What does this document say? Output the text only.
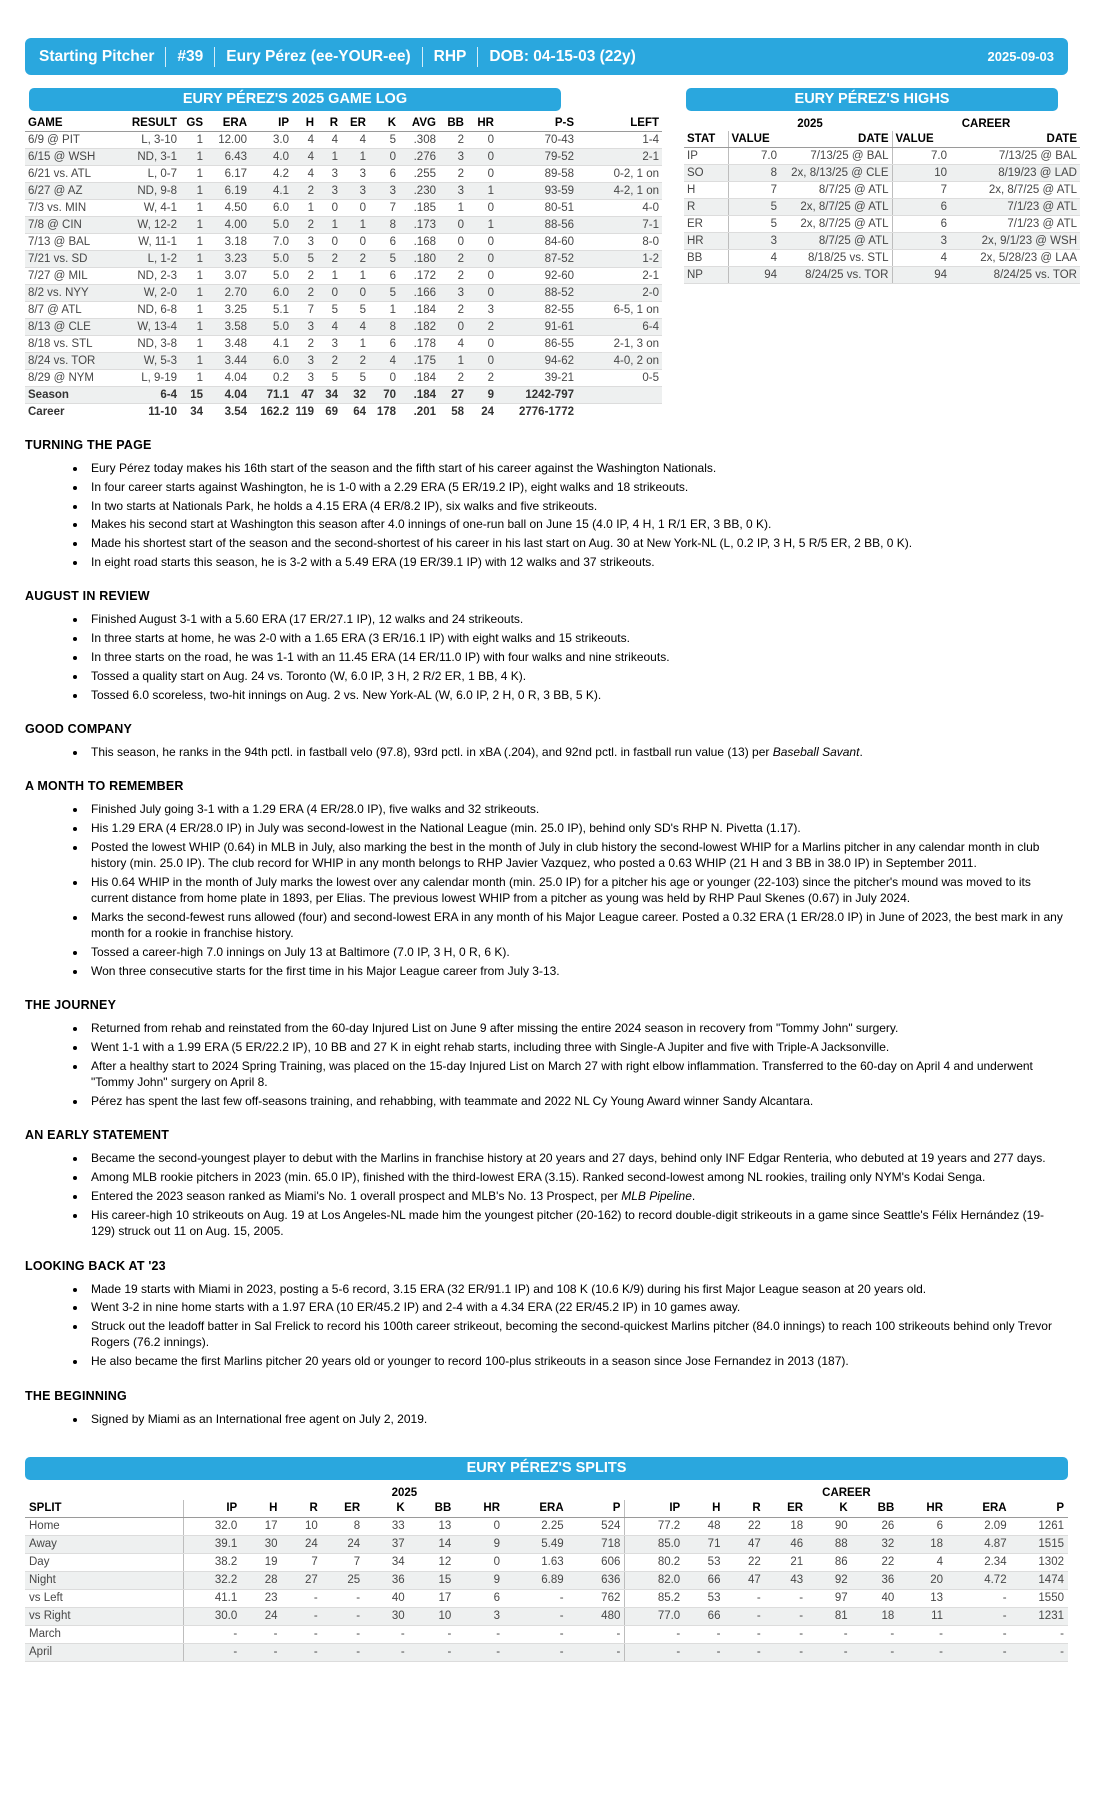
Starting Pitcher #39 Eury Pérez (ee-YOUR-ee) RHP DOB: 04-15-03 (22y)	2025-09-03
EURY PÉREZ'S 2025 GAME LOG
GAME	RESULT	GS	ERA	IP	H	R	ER	K	AVG	BB	HR	P-S	LEFT
6/9 @ PIT	L, 3-10	1	12.00	3.0	4	4	4	5	.308	2	0	70-43	1-4
6/15 @ WSH	ND, 3-1	1	6.43	4.0	4	1	1	0	.276	3	0	79-52	2-1
6/21 vs. ATL	L, 0-7	1	6.17	4.2	4	3	3	6	.255	2	0	89-58	0-2, 1 on
6/27 @ AZ	ND, 9-8	1	6.19	4.1	2	3	3	3	.230	3	1	93-59	4-2, 1 on
7/3 vs. MIN	W, 4-1	1	4.50	6.0	1	0	0	7	.185	1	0	80-51	4-0
7/8 @ CIN	W, 12-2	1	4.00	5.0	2	1	1	8	.173	0	1	88-56	7-1
7/13 @ BAL	W, 11-1	1	3.18	7.0	3	0	0	6	.168	0	0	84-60	8-0
7/21 vs. SD	L, 1-2	1	3.23	5.0	5	2	2	5	.180	2	0	87-52	1-2
7/27 @ MIL	ND, 2-3	1	3.07	5.0	2	1	1	6	.172	2	0	92-60	2-1
8/2 vs. NYY	W, 2-0	1	2.70	6.0	2	0	0	5	.166	3	0	88-52	2-0
8/7 @ ATL	ND, 6-8	1	3.25	5.1	7	5	5	1	.184	2	3	82-55	6-5, 1 on
8/13 @ CLE	W, 13-4	1	3.58	5.0	3	4	4	8	.182	0	2	91-61	6-4
8/18 vs. STL	ND, 3-8	1	3.48	4.1	2	3	1	6	.178	4	0	86-55	2-1, 3 on
8/24 vs. TOR	W, 5-3	1	3.44	6.0	3	2	2	4	.175	1	0	94-62	4-0, 2 on
8/29 @ NYM	L, 9-19	1	4.04	0.2	3	5	5	0	.184	2	2	39-21	0-5
Season	6-4	15	4.04	71.1	47	34	32	70	.184	27	9	1242-797	
Career	11-10	34	3.54	162.2	119	69	64	178	.201	58	24	2776-1772	
EURY PÉREZ'S HIGHS
	2025		CAREER	
STAT	VALUE	DATE	VALUE	DATE
IP	7.0	7/13/25 @ BAL	7.0	7/13/25 @ BAL
SO	8	2x, 8/13/25 @ CLE	10	8/19/23 @ LAD
H	7	8/7/25 @ ATL	7	2x, 8/7/25 @ ATL
R	5	2x, 8/7/25 @ ATL	6	7/1/23 @ ATL
ER	5	2x, 8/7/25 @ ATL	6	7/1/23 @ ATL
HR	3	8/7/25 @ ATL	3	2x, 9/1/23 @ WSH
BB	4	8/18/25 vs. STL	4	2x, 5/28/23 @ LAA
NP	94	8/24/25 vs. TOR	94	8/24/25 vs. TOR
TURNING THE PAGE
• Eury Pérez today makes his 16th start of the season and the fifth start of his career against the Washington Nationals.
• In four career starts against Washington, he is 1-0 with a 2.29 ERA (5 ER/19.2 IP), eight walks and 18 strikeouts.
• In two starts at Nationals Park, he holds a 4.15 ERA (4 ER/8.2 IP), six walks and five strikeouts.
• Makes his second start at Washington this season after 4.0 innings of one-run ball on June 15 (4.0 IP, 4 H, 1 R/1 ER, 3 BB, 0 K).
• Made his shortest start of the season and the second-shortest of his career in his last start on Aug. 30 at New York-NL (L, 0.2 IP, 3 H, 5 R/5 ER, 2 BB, 0 K).
• In eight road starts this season, he is 3-2 with a 5.49 ERA (19 ER/39.1 IP) with 12 walks and 37 strikeouts.
AUGUST IN REVIEW
• Finished August 3-1 with a 5.60 ERA (17 ER/27.1 IP), 12 walks and 24 strikeouts.
• In three starts at home, he was 2-0 with a 1.65 ERA (3 ER/16.1 IP) with eight walks and 15 strikeouts.
• In three starts on the road, he was 1-1 with an 11.45 ERA (14 ER/11.0 IP) with four walks and nine strikeouts.
• Tossed a quality start on Aug. 24 vs. Toronto (W, 6.0 IP, 3 H, 2 R/2 ER, 1 BB, 4 K).
• Tossed 6.0 scoreless, two-hit innings on Aug. 2 vs. New York-AL (W, 6.0 IP, 2 H, 0 R, 3 BB, 5 K).
GOOD COMPANY
• This season, he ranks in the 94th pctl. in fastball velo (97.8), 93rd pctl. in xBA (.204), and 92nd pctl. in fastball run value (13) per Baseball Savant.
A MONTH TO REMEMBER
• Finished July going 3-1 with a 1.29 ERA (4 ER/28.0 IP), five walks and 32 strikeouts.
• His 1.29 ERA (4 ER/28.0 IP) in July was second-lowest in the National League (min. 25.0 IP), behind only SD's RHP N. Pivetta (1.17).
• Posted the lowest WHIP (0.64) in MLB in July, also marking the best in the month of July in club history the second-lowest WHIP for a Marlins pitcher in any calendar month in club history (min. 25.0 IP). The club record for WHIP in any month belongs to RHP Javier Vazquez, who posted a 0.63 WHIP (21 H and 3 BB in 38.0 IP) in September 2011.
• His 0.64 WHIP in the month of July marks the lowest over any calendar month (min. 25.0 IP) for a pitcher his age or younger (22-103) since the pitcher's mound was moved to its current distance from home plate in 1893, per Elias. The previous lowest WHIP from a pitcher as young was held by RHP Paul Skenes (0.67) in July 2024.
• Marks the second-fewest runs allowed (four) and second-lowest ERA in any month of his Major League career. Posted a 0.32 ERA (1 ER/28.0 IP) in June of 2023, the best mark in any month for a rookie in franchise history.
• Tossed a career-high 7.0 innings on July 13 at Baltimore (7.0 IP, 3 H, 0 R, 6 K).
• Won three consecutive starts for the first time in his Major League career from July 3-13.
THE JOURNEY
• Returned from rehab and reinstated from the 60-day Injured List on June 9 after missing the entire 2024 season in recovery from "Tommy John" surgery.
• Went 1-1 with a 1.99 ERA (5 ER/22.2 IP), 10 BB and 27 K in eight rehab starts, including three with Single-A Jupiter and five with Triple-A Jacksonville.
• After a healthy start to 2024 Spring Training, was placed on the 15-day Injured List on March 27 with right elbow inflammation. Transferred to the 60-day on April 4 and underwent "Tommy John" surgery on April 8.
• Pérez has spent the last few off-seasons training, and rehabbing, with teammate and 2022 NL Cy Young Award winner Sandy Alcantara.
AN EARLY STATEMENT
• Became the second-youngest player to debut with the Marlins in franchise history at 20 years and 27 days, behind only INF Edgar Renteria, who debuted at 19 years and 277 days.
• Among MLB rookie pitchers in 2023 (min. 65.0 IP), finished with the third-lowest ERA (3.15). Ranked second-lowest among NL rookies, trailing only NYM's Kodai Senga.
• Entered the 2023 season ranked as Miami's No. 1 overall prospect and MLB's No. 13 Prospect, per MLB Pipeline.
• His career-high 10 strikeouts on Aug. 19 at Los Angeles-NL made him the youngest pitcher (20-162) to record double-digit strikeouts in a game since Seattle's Félix Hernández (19-129) struck out 11 on Aug. 15, 2005.
LOOKING BACK AT '23
• Made 19 starts with Miami in 2023, posting a 5-6 record, 3.15 ERA (32 ER/91.1 IP) and 108 K (10.6 K/9) during his first Major League season at 20 years old.
• Went 3-2 in nine home starts with a 1.97 ERA (10 ER/45.2 IP) and 2-4 with a 4.34 ERA (22 ER/45.2 IP) in 10 games away.
• Struck out the leadoff batter in Sal Frelick to record his 100th career strikeout, becoming the second-quickest Marlins pitcher (84.0 innings) to reach 100 strikeouts behind only Trevor Rogers (76.2 innings).
• He also became the first Marlins pitcher 20 years old or younger to record 100-plus strikeouts in a season since Jose Fernandez in 2013 (187).
THE BEGINNING
• Signed by Miami as an International free agent on July 2, 2019.
EURY PÉREZ'S SPLITS
	2025									CAREER								
SPLIT	IP	H	R	ER	K	BB	HR	ERA	P	IP	H	R	ER	K	BB	HR	ERA	P
Home	32.0	17	10	8	33	13	0	2.25	524	77.2	48	22	18	90	26	6	2.09	1261
Away	39.1	30	24	24	37	14	9	5.49	718	85.0	71	47	46	88	32	18	4.87	1515
Day	38.2	19	7	7	34	12	0	1.63	606	80.2	53	22	21	86	22	4	2.34	1302
Night	32.2	28	27	25	36	15	9	6.89	636	82.0	66	47	43	92	36	20	4.72	1474
vs Left	41.1	23	-	-	40	17	6	-	762	85.2	53	-	-	97	40	13	-	1550
vs Right	30.0	24	-	-	30	10	3	-	480	77.0	66	-	-	81	18	11	-	1231
March	-	-	-	-	-	-	-	-	-	-	-	-	-	-	-	-	-	-
April	-	-	-	-	-	-	-	-	-	-	-	-	-	-	-	-	-	-
